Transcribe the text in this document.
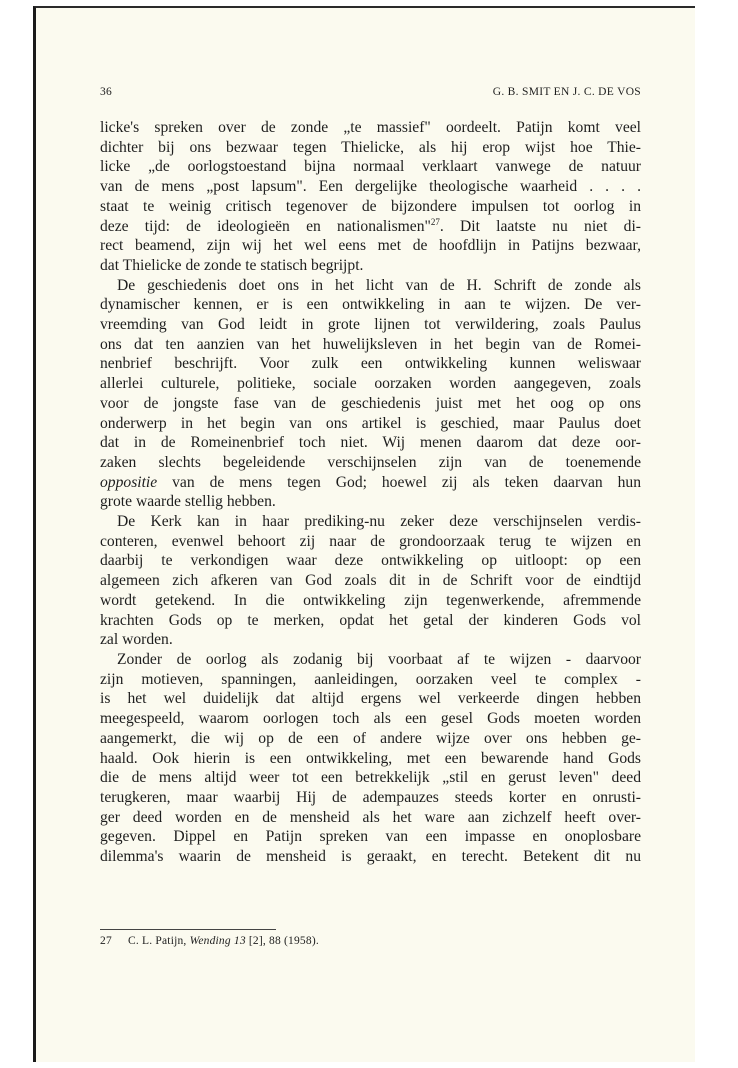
36	G. B. SMIT EN J. C. DE VOS

licke's spreken over de zonde „te massief" oordeelt. Patijn komt veel

dichter bij ons bezwaar tegen Thielicke, als hij erop wijst hoe Thie-

licke „de oorlogstoestand bijna normaal verklaart vanwege de natuur

van de mens „post lapsum". Een dergelijke theologische waarheid . . . .

staat te weinig critisch tegenover de bijzondere impulsen tot oorlog in

deze tijd: de ideologieën en nationalismen"$^{27}$. Dit laatste nu niet di-

rect beamend, zijn wij het wel eens met de hoofdlijn in Patijns bezwaar,

dat Thielicke de zonde te statisch begrijpt.

De geschiedenis doet ons in het licht van de H. Schrift de zonde als

dynamischer kennen, er is een ontwikkeling in aan te wijzen. De ver-

vreemding van God leidt in grote lijnen tot verwildering, zoals Paulus

ons dat ten aanzien van het huwelijksleven in het begin van de Romei-

nenbrief beschrijft. Voor zulk een ontwikkeling kunnen weliswaar

allerlei culturele, politieke, sociale oorzaken worden aangegeven, zoals

voor de jongste fase van de geschiedenis juist met het oog op ons

onderwerp in het begin van ons artikel is geschied, maar Paulus doet

dat in de Romeinenbrief toch niet. Wij menen daarom dat deze oor-

zaken slechts begeleidende verschijnselen zijn van de toenemende

oppositie van de mens tegen God; hoewel zij als teken daarvan hun

grote waarde stellig hebben.

De Kerk kan in haar prediking-nu zeker deze verschijnselen verdis-

conteren, evenwel behoort zij naar de grondoorzaak terug te wijzen en

daarbij te verkondigen waar deze ontwikkeling op uitloopt: op een

algemeen zich afkeren van God zoals dit in de Schrift voor de eindtijd

wordt getekend. In die ontwikkeling zijn tegenwerkende, afremmende

krachten Gods op te merken, opdat het getal der kinderen Gods vol

zal worden.

Zonder de oorlog als zodanig bij voorbaat af te wijzen - daarvoor

zijn motieven, spanningen, aanleidingen, oorzaken veel te complex -

is het wel duidelijk dat altijd ergens wel verkeerde dingen hebben

meegespeeld, waarom oorlogen toch als een gesel Gods moeten worden

aangemerkt, die wij op de een of andere wijze over ons hebben ge-

haald. Ook hierin is een ontwikkeling, met een bewarende hand Gods

die de mens altijd weer tot een betrekkelijk „stil en gerust leven" deed

terugkeren, maar waarbij Hij de adempauzes steeds korter en onrusti-

ger deed worden en de mensheid als het ware aan zichzelf heeft over-

gegeven. Dippel en Patijn spreken van een impasse en onoplosbare

dilemma's waarin de mensheid is geraakt, en terecht. Betekent dit nu

27 C. L. Patijn, Wending 13 [2], 88 (1958).
